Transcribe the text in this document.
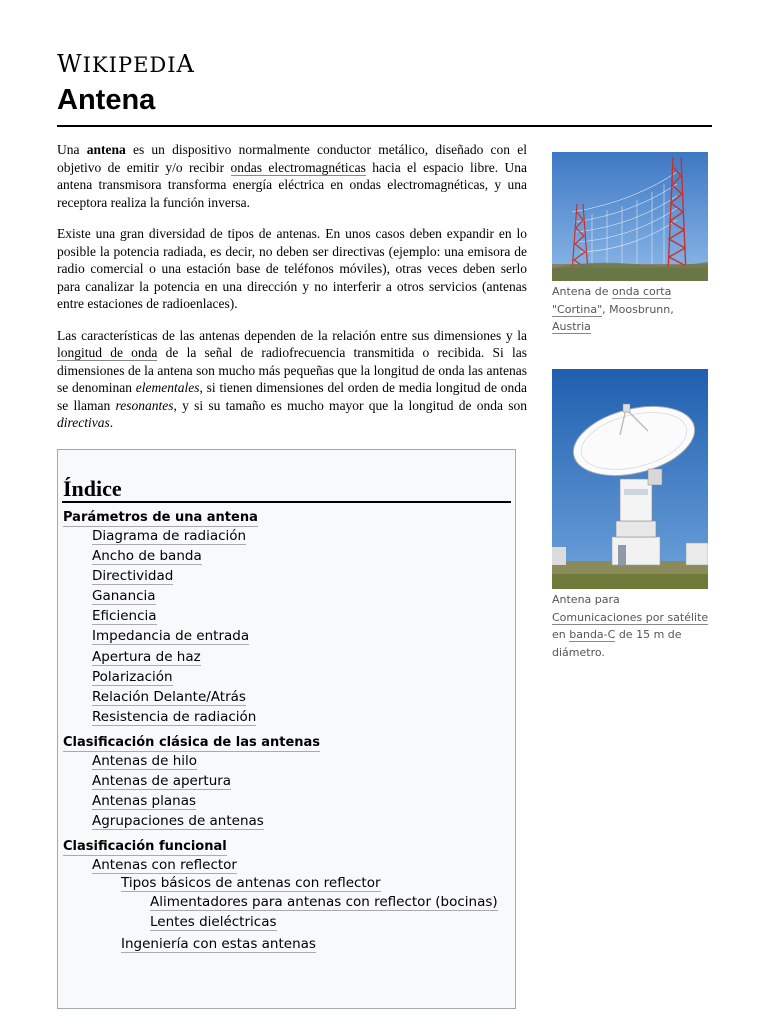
WIKIPEDIA
Antena

Una antena es un dispositivo normalmente conductor metálico, diseñado con el objetivo de emitir y/o recibir ondas electromagnéticas hacia el espacio libre. Una antena transmisora transforma energía eléctrica en ondas electromagnéticas, y una receptora realiza la función inversa.

Existe una gran diversidad de tipos de antenas. En unos casos deben expandir en lo posible la potencia radiada, es decir, no deben ser directivas (ejemplo: una emisora de radio comercial o una estación base de teléfonos móviles), otras veces deben serlo para canalizar la potencia en una dirección y no interferir a otros servicios (antenas entre estaciones de radioenlaces).

Las características de las antenas dependen de la relación entre sus dimensiones y la longitud de onda de la señal de radiofrecuencia transmitida o recibida. Si las dimensiones de la antena son mucho más pequeñas que la longitud de onda las antenas se denominan elementales, si tienen dimensiones del orden de media longitud de onda se llaman resonantes, y si su tamaño es mucho mayor que la longitud de onda son directivas.

Índice
Parámetros de una antena
Diagrama de radiación
Ancho de banda
Directividad
Ganancia
Eficiencia
Impedancia de entrada
Apertura de haz
Polarización
Relación Delante/Atrás
Resistencia de radiación
Clasificación clásica de las antenas
Antenas de hilo
Antenas de apertura
Antenas planas
Agrupaciones de antenas
Clasificación funcional
Antenas con reflector
Tipos básicos de antenas con reflector
Alimentadores para antenas con reflector (bocinas)
Lentes dieléctricas
Ingeniería con estas antenas
Antena de onda corta "Cortina", Moosbrunn, Austria
Antena para Comunicaciones por satélite en banda-C de 15 m de diámetro.
